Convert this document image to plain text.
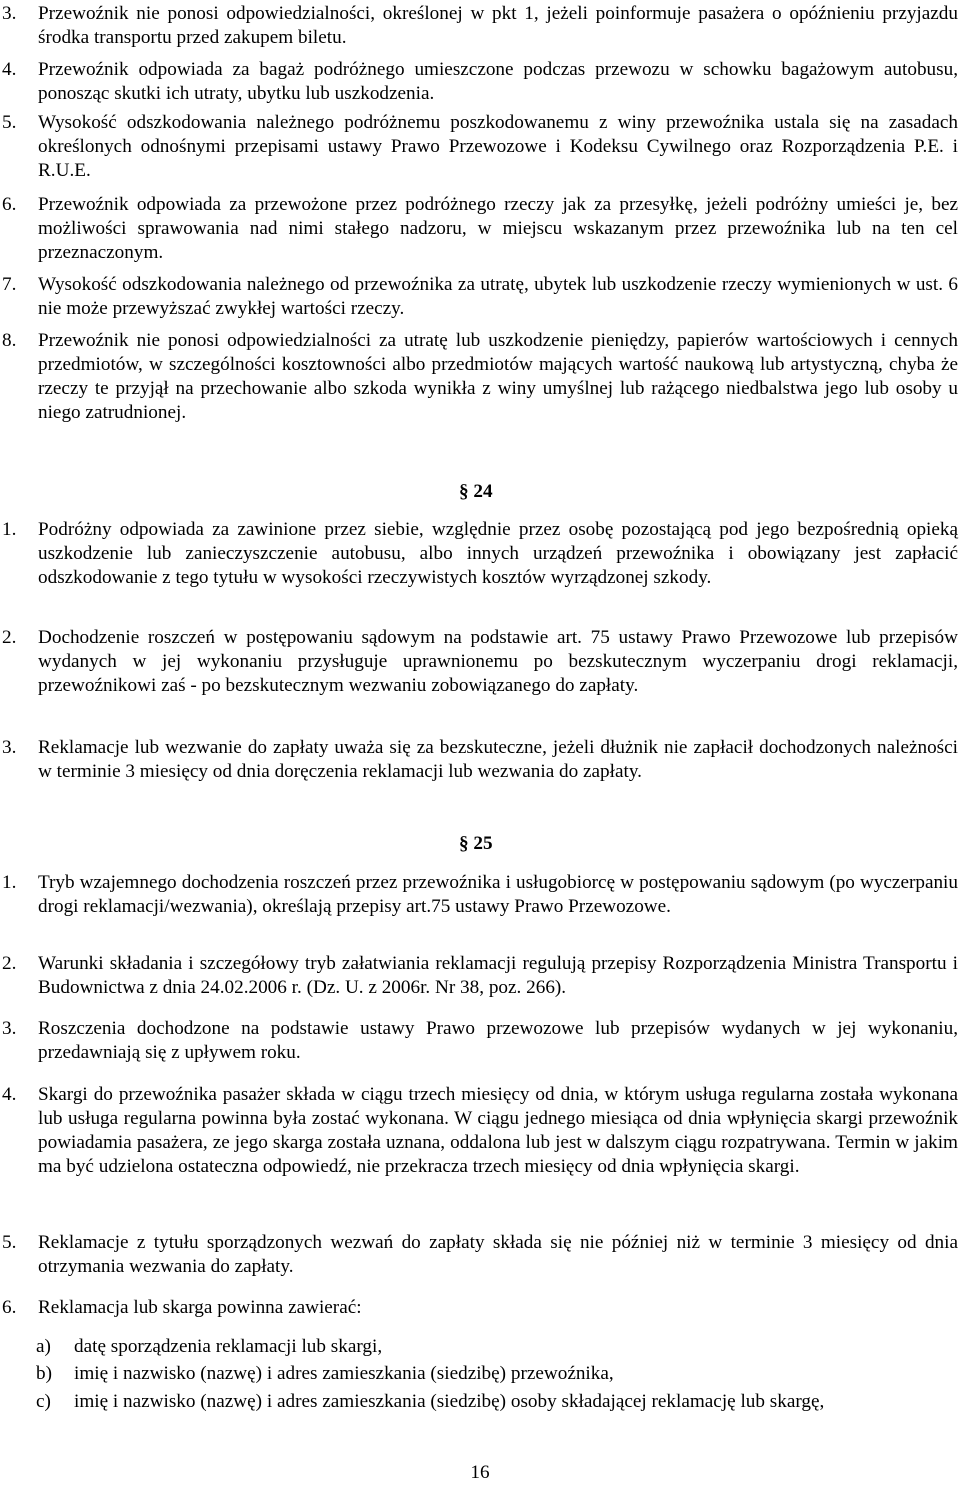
3.	Przewoźnik nie ponosi odpowiedzialności, określonej w pkt 1, jeżeli poinformuje pasażera o opóźnieniu przyjazdu środka transportu przed zakupem biletu.
4.	Przewoźnik odpowiada za bagaż podróżnego umieszczone podczas przewozu w schowku bagażowym autobusu, ponosząc skutki ich utraty, ubytku lub uszkodzenia.
5.	Wysokość odszkodowania należnego podróżnemu poszkodowanemu z winy przewoźnika ustala się na zasadach określonych odnośnymi przepisami ustawy Prawo Przewozowe i Kodeksu Cywilnego oraz Rozporządzenia P.E. i R.U.E.
6.	Przewoźnik odpowiada za przewożone przez podróżnego rzeczy jak za przesyłkę, jeżeli podróżny umieści je, bez możliwości sprawowania nad nimi stałego nadzoru, w miejscu wskazanym przez przewoźnika lub na ten cel przeznaczonym.
7.	Wysokość odszkodowania należnego od przewoźnika za utratę, ubytek lub uszkodzenie rzeczy wymienionych w ust. 6 nie może przewyższać zwykłej wartości rzeczy.
8.	Przewoźnik nie ponosi odpowiedzialności za utratę lub uszkodzenie pieniędzy, papierów wartościowych i cennych przedmiotów, w szczególności kosztowności albo przedmiotów mających wartość naukową lub artystyczną, chyba że rzeczy te przyjął na przechowanie albo szkoda wynikła z winy umyślnej lub rażącego niedbalstwa jego lub osoby u niego zatrudnionej.
§ 24
1.	Podróżny odpowiada za zawinione przez siebie, względnie przez osobę pozostającą pod jego bezpośrednią opieką uszkodzenie lub zanieczyszczenie autobusu, albo innych urządzeń przewoźnika i obowiązany jest zapłacić odszkodowanie z tego tytułu w wysokości rzeczywistych kosztów wyrządzonej szkody.
2.	Dochodzenie roszczeń w postępowaniu sądowym na podstawie art. 75 ustawy Prawo Przewozowe lub przepisów wydanych w jej wykonaniu przysługuje uprawnionemu po bezskutecznym wyczerpaniu drogi reklamacji, przewoźnikowi zaś - po bezskutecznym wezwaniu zobowiązanego do zapłaty.
3.	Reklamacje lub wezwanie do zapłaty uważa się za bezskuteczne, jeżeli dłużnik nie zapłacił dochodzonych należności w terminie 3 miesięcy od dnia doręczenia reklamacji lub wezwania do zapłaty.
§ 25
1.	Tryb wzajemnego dochodzenia roszczeń przez przewoźnika i usługobiorcę w postępowaniu sądowym (po wyczerpaniu drogi reklamacji/wezwania), określają przepisy art.75 ustawy Prawo Przewozowe.
2.	Warunki składania i szczegółowy tryb załatwiania reklamacji regulują przepisy Rozporządzenia Ministra Transportu i Budownictwa z dnia 24.02.2006 r. (Dz. U. z 2006r. Nr 38, poz. 266).
3.	Roszczenia dochodzone na podstawie ustawy Prawo przewozowe lub przepisów wydanych w jej wykonaniu, przedawniają się z upływem roku.
4.	Skargi do przewoźnika pasażer składa w ciągu trzech miesięcy od dnia, w którym usługa regularna została wykonana lub usługa regularna powinna była zostać wykonana. W ciągu jednego miesiąca od dnia wpłynięcia skargi przewoźnik powiadamia pasażera, ze jego skarga została uznana, oddalona lub jest w dalszym ciągu rozpatrywana. Termin w jakim ma być udzielona ostateczna odpowiedź, nie przekracza trzech miesięcy od dnia wpłynięcia skargi.
5.	Reklamacje z tytułu sporządzonych wezwań do zapłaty składa się nie później niż w terminie 3 miesięcy od dnia otrzymania wezwania do zapłaty.
6.	Reklamacja lub skarga powinna zawierać:
a)	datę sporządzenia reklamacji lub skargi,
b)	imię i nazwisko (nazwę) i adres zamieszkania (siedzibę) przewoźnika,
c)	imię i nazwisko (nazwę) i adres zamieszkania (siedzibę) osoby składającej reklamację lub skargę,
16
